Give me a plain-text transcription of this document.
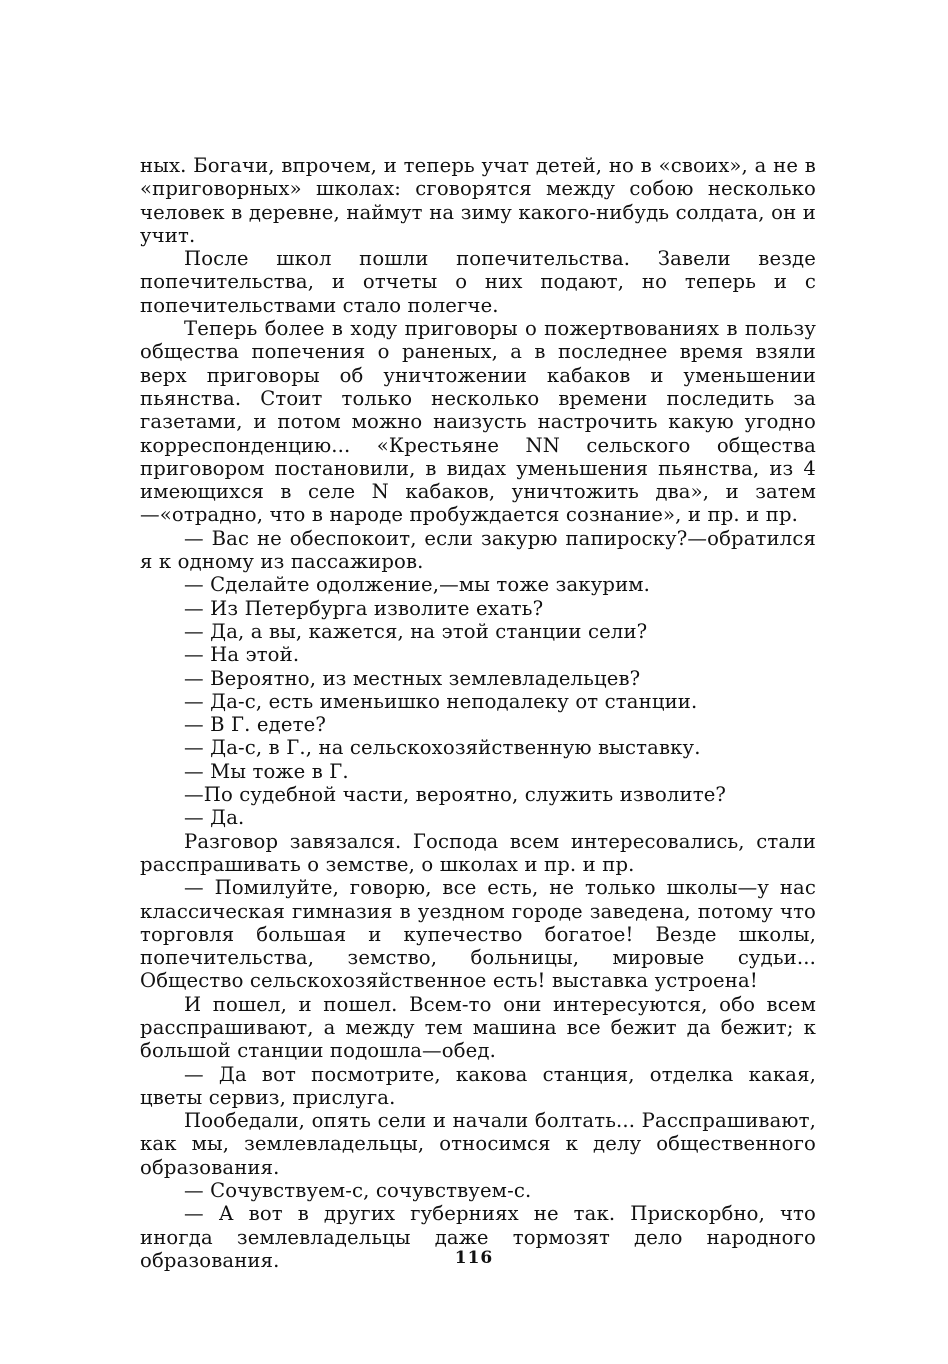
ных. Богачи, впрочем, и теперь учат детей, но в «своих», а не в «приговорных» школах: сговорятся между собою несколько человек в деревне, наймут на зиму какого-нибудь солдата, он и учит.

После школ пошли попечительства. Завели везде попечительства, и отчеты о них подают, но теперь и с попечительствами стало полегче.

Теперь более в ходу приговоры о пожертвованиях в пользу общества попечения о раненых, а в последнее время взяли верх приговоры об уничтожении кабаков и уменьшении пьянства. Стоит только несколько времени последить за газетами, и потом можно наизусть настрочить какую угодно корреспонденцию... «Крестьяне NN сельского общества приговором постановили, в видах уменьшения пьянства, из 4 имеющихся в селе N кабаков, уничтожить два», и затем—«отрадно, что в народе пробуждается сознание», и пр. и пр.

— Вас не обеспокоит, если закурю папироску?—обратился я к одному из пассажиров.

— Сделайте одолжение,—мы тоже закурим.

— Из Петербурга изволите ехать?

— Да, а вы, кажется, на этой станции сели?

— На этой.

— Вероятно, из местных землевладельцев?

— Да-с, есть именьишко неподалеку от станции.

— В Г. едете?

— Да-с, в Г., на сельскохозяйственную выставку.

— Мы тоже в Г.

—По судебной части, вероятно, служить изволите?

— Да.

Разговор завязался. Господа всем интересовались, стали расспрашивать о земстве, о школах и пр. и пр.

— Помилуйте, говорю, все есть, не только школы—у нас классическая гимназия в уездном городе заведена, потому что торговля большая и купечество богатое! Везде школы, попечительства, земство, больницы, мировые судьи... Общество сельскохозяйственное есть! выставка устроена!

И пошел, и пошел. Всем-то они интересуются, обо всем расспрашивают, а между тем машина все бежит да бежит; к большой станции подошла—обед.

— Да вот посмотрите, какова станция, отделка какая, цветы сервиз, прислуга.

Пообедали, опять сели и начали болтать... Расспрашивают, как мы, землевладельцы, относимся к делу общественного образования.

— Сочувствуем-с, сочувствуем-с.

— А вот в других губерниях не так. Прискорбно, что иногда землевладельцы даже тормозят дело народного образования.	116
